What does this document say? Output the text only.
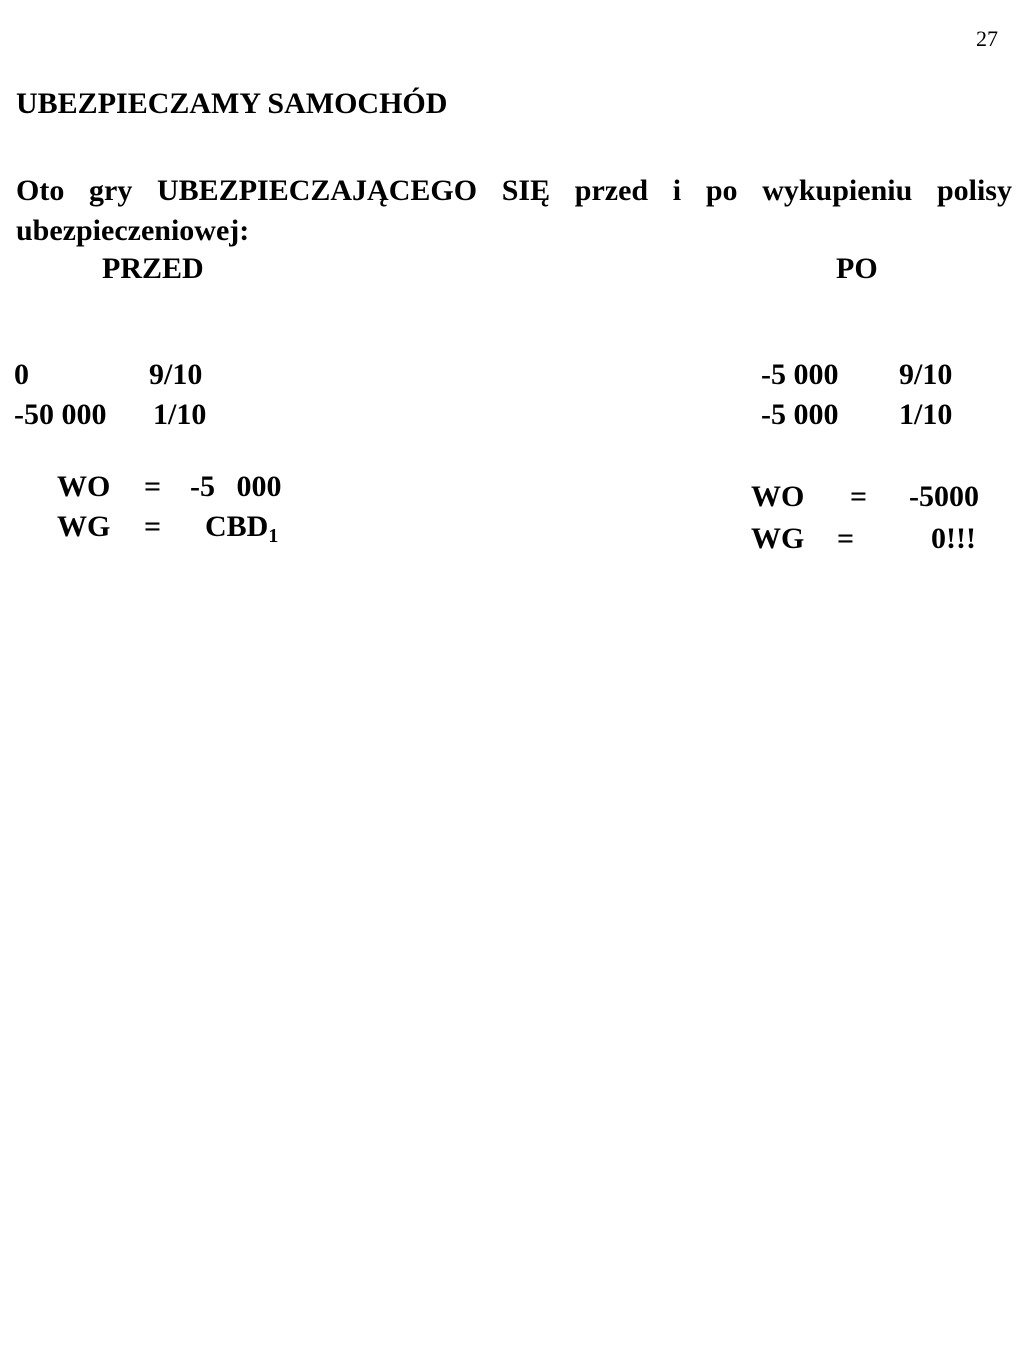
27
UBEZPIECZAMY SAMOCHÓD
Oto gry UBEZPIECZAJĄCEGO SIĘ przed i po wykupieniu polisy ubezpieczeniowej:
PRZED	PO
0	9/10
-50 000 1/10
-5 000 9/10
-5 000 1/10
WO = -5 000
WG = $CBD_1$
WO = -5000
WG =	0!!!
